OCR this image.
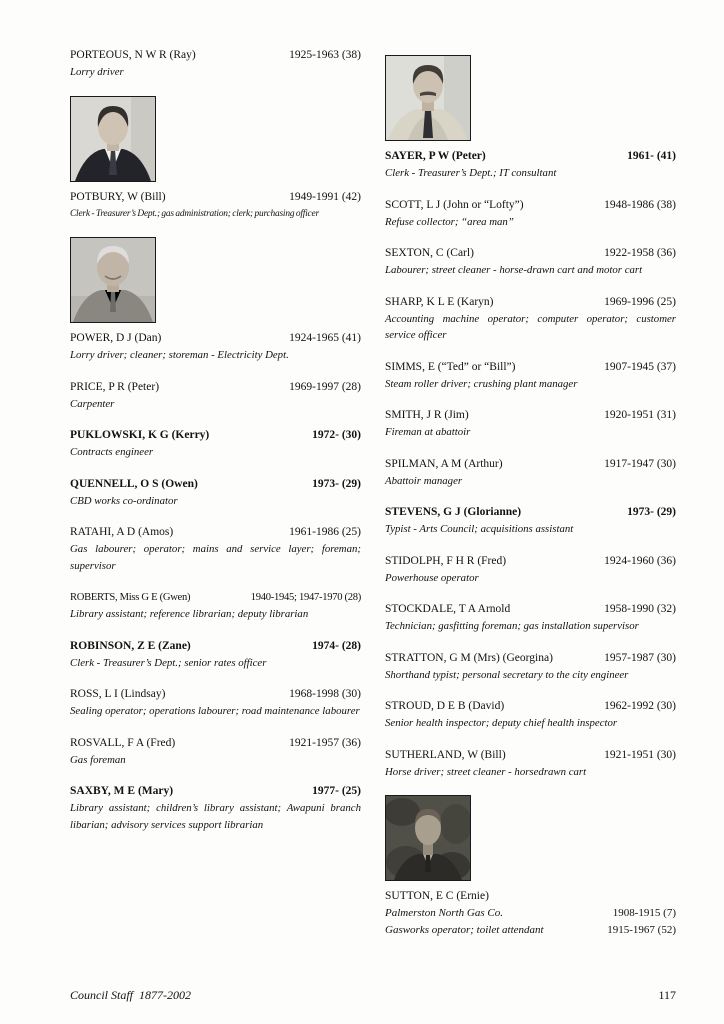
PORTEOUS, N W R (Ray)	1925-1963 (38)
Lorry driver
POTBURY, W (Bill)	1949-1991 (42)
Clerk - Treasurer’s Dept.; gas administration; clerk; purchasing officer
POWER, D J (Dan)	1924-1965 (41)
Lorry driver; cleaner; storeman - Electricity Dept.
PRICE, P R (Peter)	1969-1997 (28)
Carpenter
PUKLOWSKI, K G (Kerry)	1972- (30)
Contracts engineer
QUENNELL, O S (Owen)	1973- (29)
CBD works co-ordinator
RATAHI, A D (Amos)	1961-1986 (25)
Gas labourer; operator; mains and service layer; foreman; supervisor
ROBERTS, Miss G E (Gwen)	1940-1945; 1947-1970 (28)
Library assistant; reference librarian; deputy librarian
ROBINSON, Z E (Zane)	1974- (28)
Clerk - Treasurer’s Dept.; senior rates officer
ROSS, L I (Lindsay)	1968-1998 (30)
Sealing operator; operations labourer; road maintenance labourer
ROSVALL, F A (Fred)	1921-1957 (36)
Gas foreman
SAXBY, M E (Mary)	1977- (25)
Library assistant; children’s library assistant; Awapuni branch libarian; advisory services support librarian
SAYER, P W (Peter)	1961- (41)
Clerk - Treasurer’s Dept.; IT consultant
SCOTT, L J (John or “Lofty”)	1948-1986 (38)
Refuse collector; “area man”
SEXTON, C (Carl)	1922-1958 (36)
Labourer; street cleaner - horse-drawn cart and motor cart
SHARP, K L E (Karyn)	1969-1996 (25)
Accounting machine operator; computer operator; customer service officer
SIMMS, E (“Ted” or “Bill”)	1907-1945 (37)
Steam roller driver; crushing plant manager
SMITH, J R (Jim)	1920-1951 (31)
Fireman at abattoir
SPILMAN, A M (Arthur)	1917-1947 (30)
Abattoir manager
STEVENS, G J (Glorianne)	1973- (29)
Typist - Arts Council; acquisitions assistant
STIDOLPH, F H R (Fred)	1924-1960 (36)
Powerhouse operator
STOCKDALE, T A Arnold	1958-1990 (32)
Technician; gasfitting foreman; gas installation supervisor
STRATTON, G M (Mrs) (Georgina)	1957-1987 (30)
Shorthand typist; personal secretary to the city engineer
STROUD, D E B (David)	1962-1992 (30)
Senior health inspector; deputy chief health inspector
SUTHERLAND, W (Bill)	1921-1951 (30)
Horse driver; street cleaner - horsedrawn cart
SUTTON, E C (Ernie)
Palmerston North Gas Co.	1908-1915 (7)
Gasworks operator; toilet attendant	1915-1967 (52)
Council Staff  1877-2002	117
